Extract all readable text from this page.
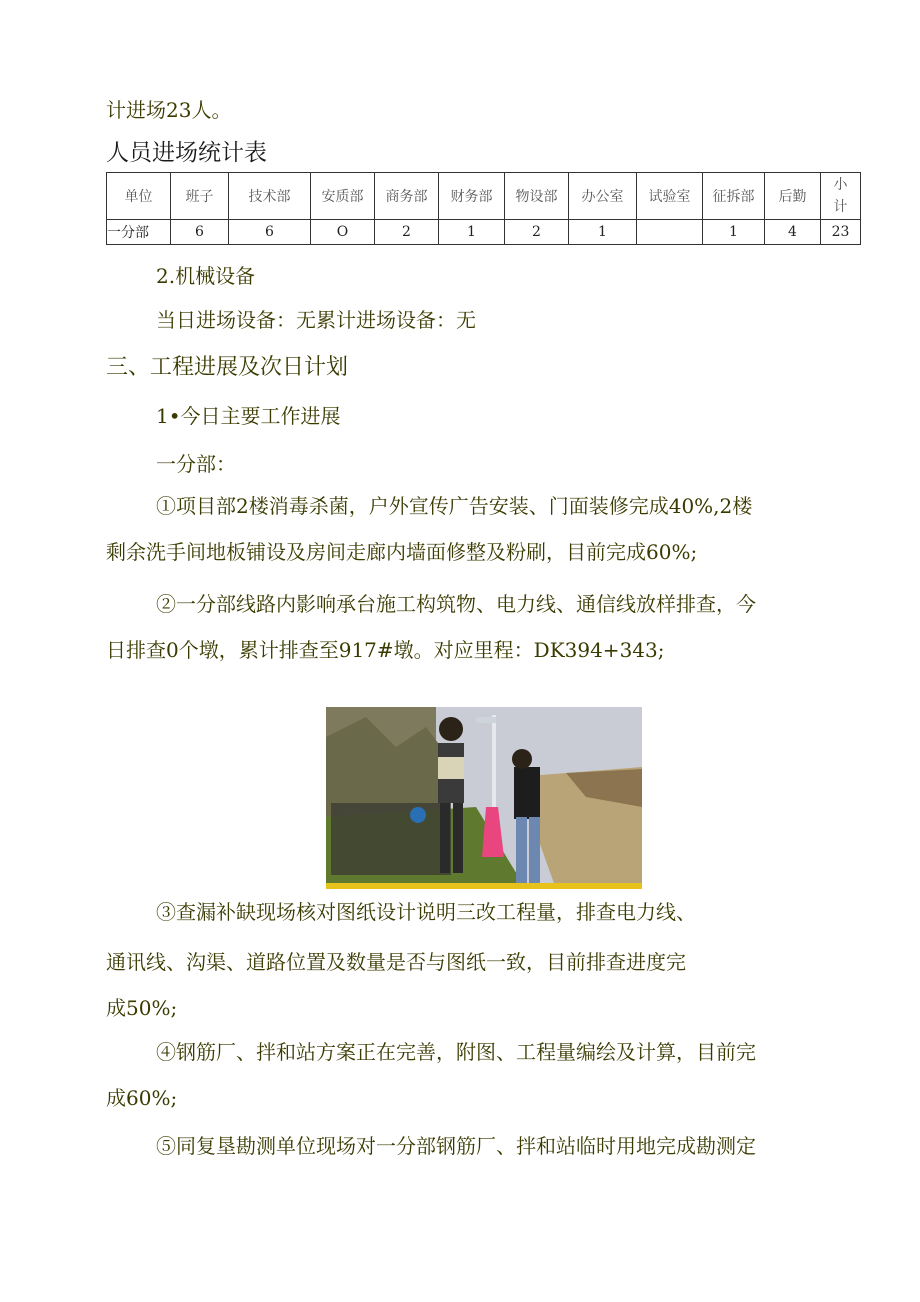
计进场23人。
人员进场统计表
单位	班子	技术部	安质部	商务部	财务部	物设部	办公室	试验室	征拆部	后勤	小计
一分部	6	6	O	2	1	2	1		1	4	23
2.机械设备
当日进场设备：无累计进场设备：无
三、工程进展及次日计划
1•今日主要工作进展
一分部：
①项目部2楼消毒杀菌，户外宣传广告安装、门面装修完成40%,2楼
剩余洗手间地板铺设及房间走廊内墙面修整及粉刷，目前完成60%;
②一分部线路内影响承台施工构筑物、电力线、通信线放样排查，今
日排查0个墩，累计排查至917#墩。对应里程：DK394+343;
③查漏补缺现场核对图纸设计说明三改工程量，排查电力线、
通讯线、沟渠、道路位置及数量是否与图纸一致，目前排查进度完
成50%;
④钢筋厂、拌和站方案正在完善，附图、工程量编绘及计算，目前完
成60%;
⑤同复垦勘测单位现场对一分部钢筋厂、拌和站临时用地完成勘测定
